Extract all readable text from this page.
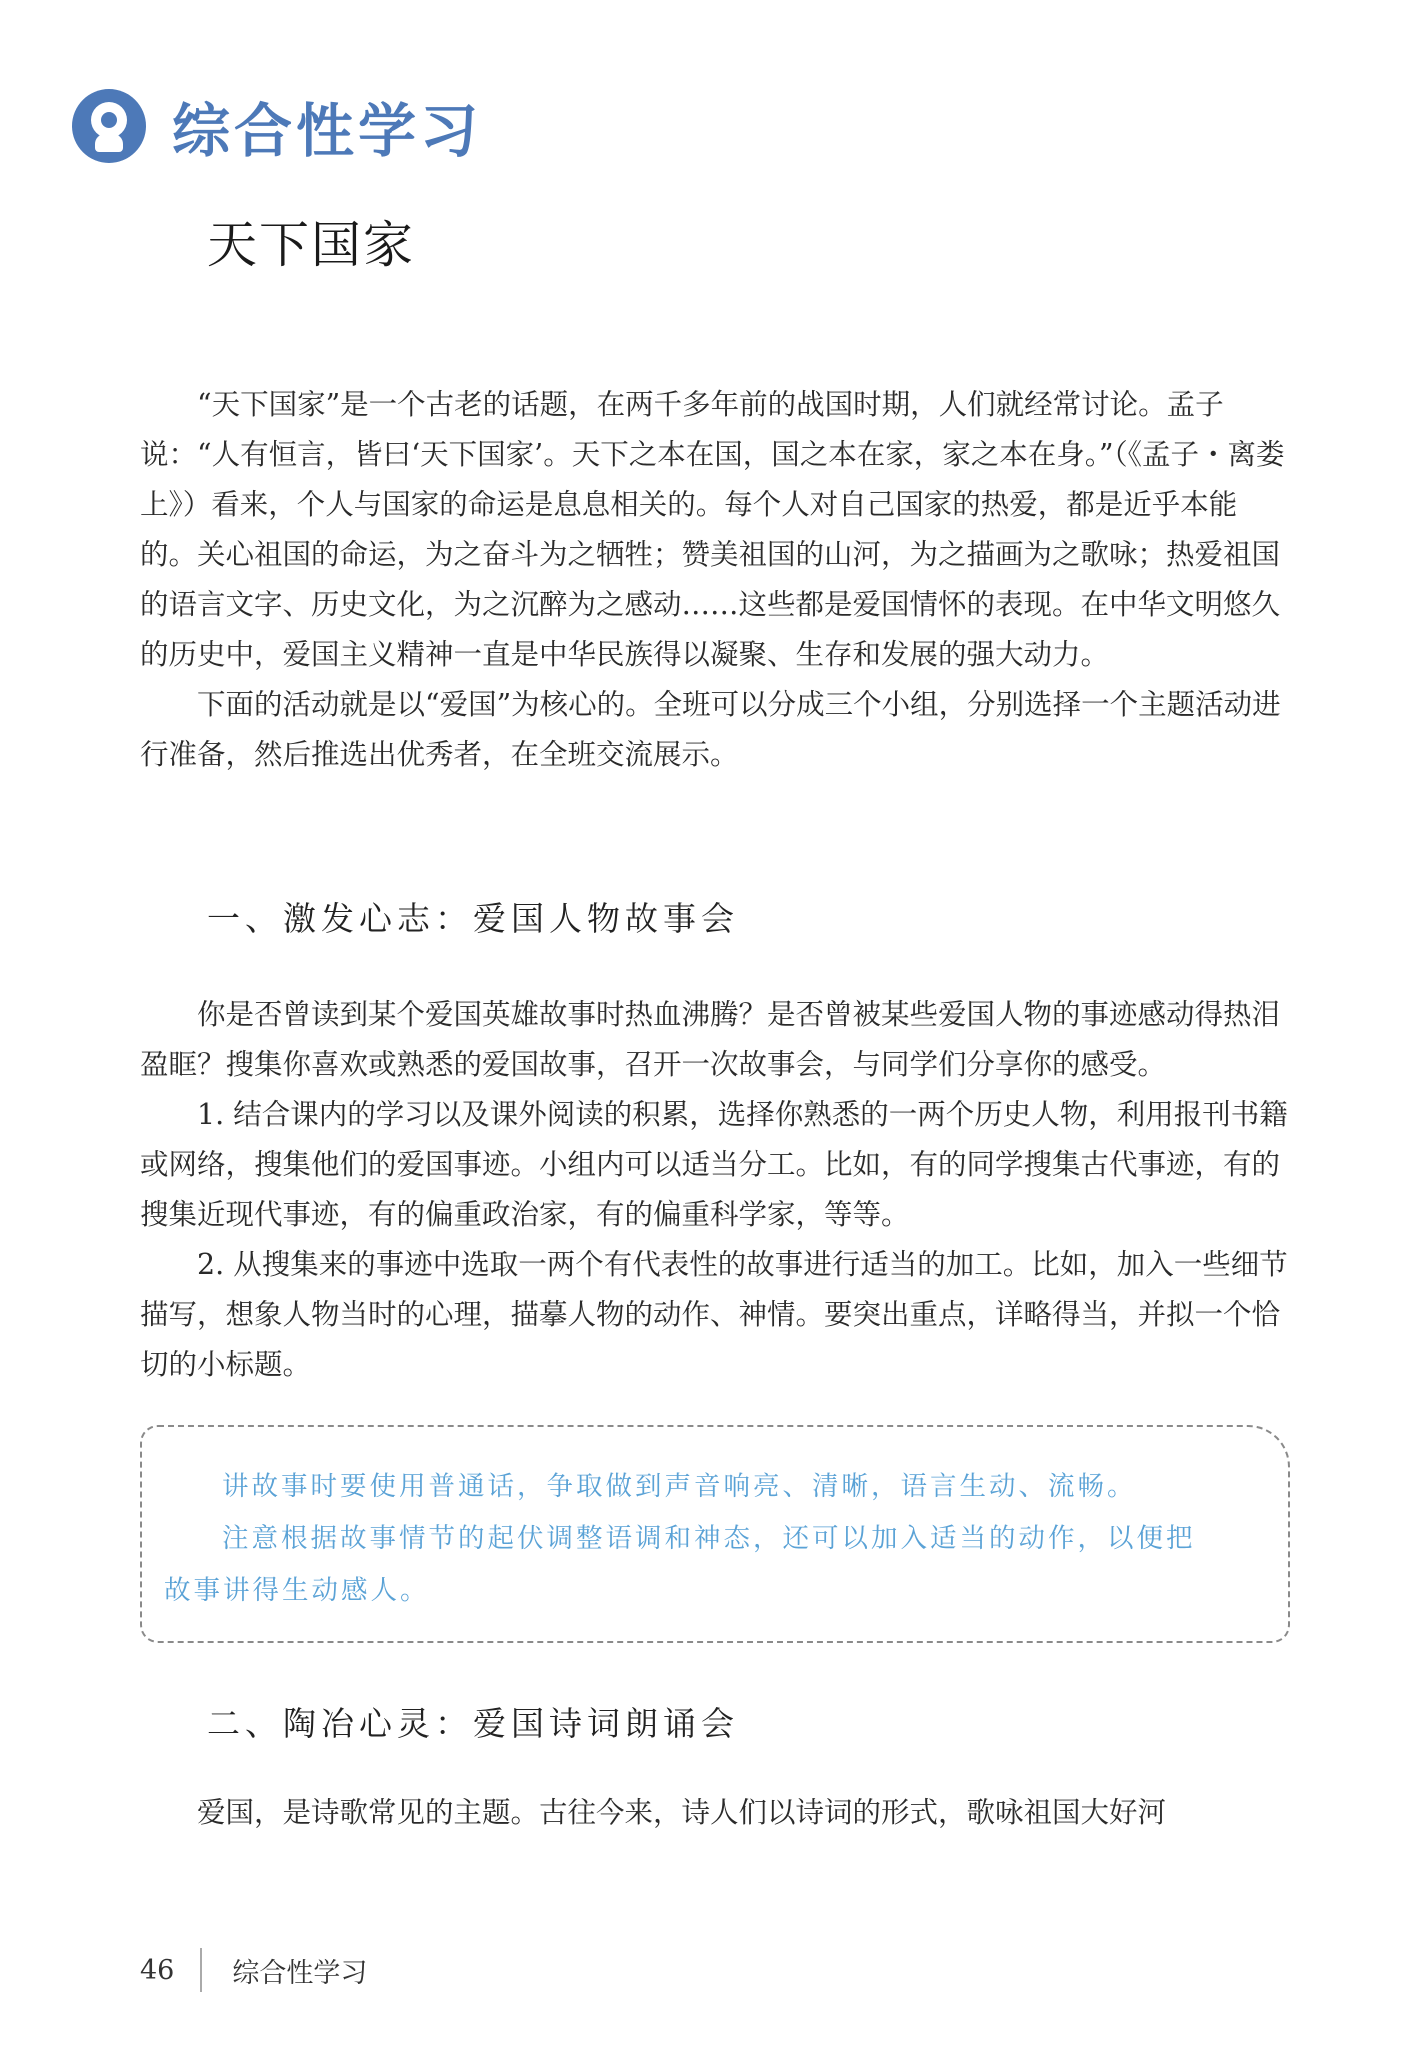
综合性学习
天下国家

“天下国家”是一个古老的话题，在两千多年前的战国时期，人们就经常讨论。孟子说：“人有恒言，皆曰‘天下国家’。天下之本在国，国之本在家，家之本在身。”（《孟子・离娄上》）看来，个人与国家的命运是息息相关的。每个人对自己国家的热爱，都是近乎本能的。关心祖国的命运，为之奋斗为之牺牲；赞美祖国的山河，为之描画为之歌咏；热爱祖国的语言文字、历史文化，为之沉醉为之感动……这些都是爱国情怀的表现。在中华文明悠久的历史中，爱国主义精神一直是中华民族得以凝聚、生存和发展的强大动力。

下面的活动就是以“爱国”为核心的。全班可以分成三个小组，分别选择一个主题活动进行准备，然后推选出优秀者，在全班交流展示。

一、激发心志：爱国人物故事会

你是否曾读到某个爱国英雄故事时热血沸腾？是否曾被某些爱国人物的事迹感动得热泪盈眶？搜集你喜欢或熟悉的爱国故事，召开一次故事会，与同学们分享你的感受。

1. 结合课内的学习以及课外阅读的积累，选择你熟悉的一两个历史人物，利用报刊书籍或网络，搜集他们的爱国事迹。小组内可以适当分工。比如，有的同学搜集古代事迹，有的搜集近现代事迹，有的偏重政治家，有的偏重科学家，等等。

2. 从搜集来的事迹中选取一两个有代表性的故事进行适当的加工。比如，加入一些细节描写，想象人物当时的心理，描摹人物的动作、神情。要突出重点，详略得当，并拟一个恰切的小标题。

讲故事时要使用普通话，争取做到声音响亮、清晰，语言生动、流畅。
注意根据故事情节的起伏调整语调和神态，还可以加入适当的动作，以便把
故事讲得生动感人。
二、陶冶心灵：爱国诗词朗诵会

爱国，是诗歌常见的主题。古往今来，诗人们以诗词的形式，歌咏祖国大好河

46 综合性学习
